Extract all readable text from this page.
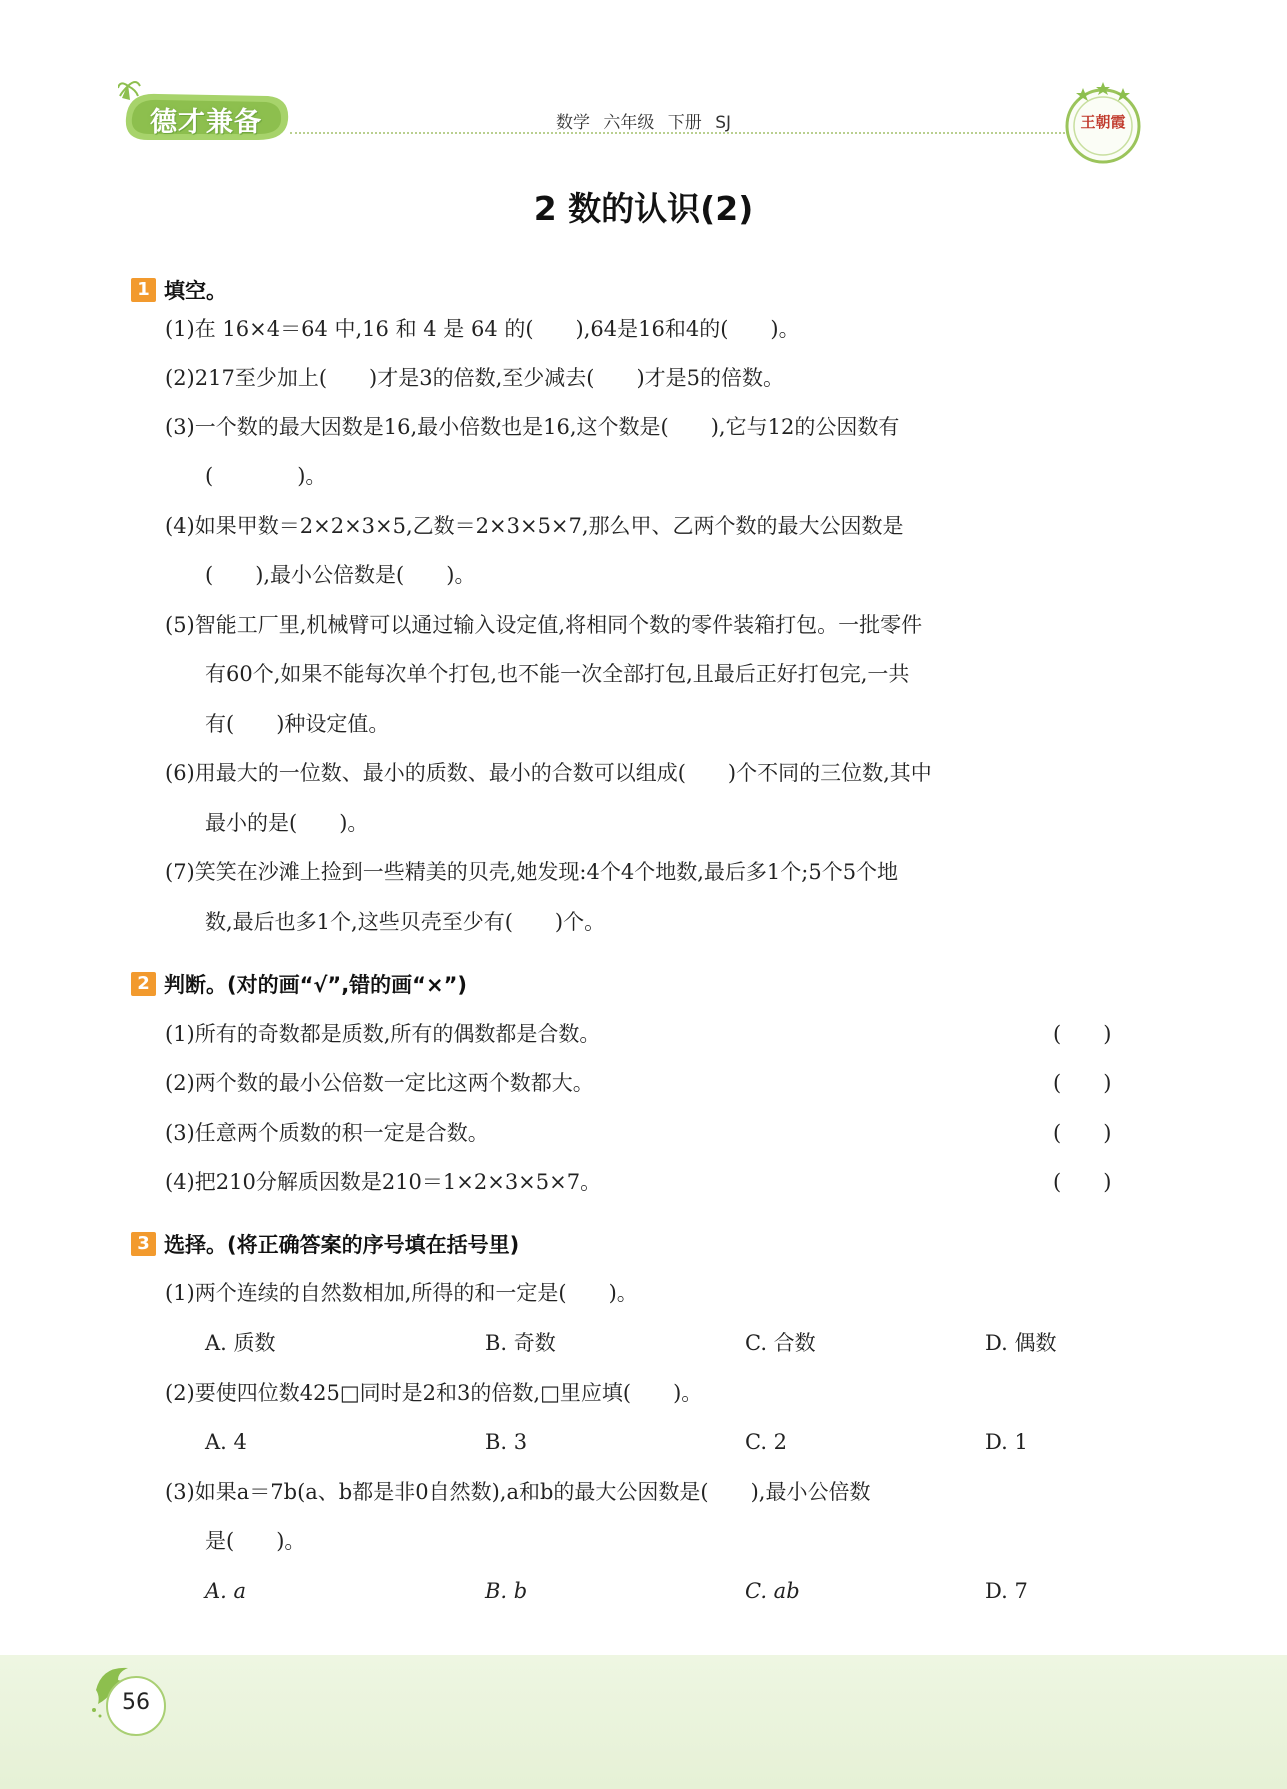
德才兼备	数学 六年级 下册 SJ	王朝霞
2 数的认识(2)
1 填空。
(1)在 16×4＝64 中,16 和 4 是 64 的(　　),64是16和4的(　　)。
(2)217至少加上(　　)才是3的倍数,至少减去(　　)才是5的倍数。
(3)一个数的最大因数是16,最小倍数也是16,这个数是(　　),它与12的公因数有
(　　　　)。
(4)如果甲数＝2×2×3×5,乙数＝2×3×5×7,那么甲、乙两个数的最大公因数是
(　　),最小公倍数是(　　)。
(5)智能工厂里,机械臂可以通过输入设定值,将相同个数的零件装箱打包。一批零件
有60个,如果不能每次单个打包,也不能一次全部打包,且最后正好打包完,一共
有(　　)种设定值。
(6)用最大的一位数、最小的质数、最小的合数可以组成(　　)个不同的三位数,其中
最小的是(　　)。
(7)笑笑在沙滩上捡到一些精美的贝壳,她发现:4个4个地数,最后多1个;5个5个地
数,最后也多1个,这些贝壳至少有(　　)个。
2 判断。(对的画“√”,错的画“×”)
(1)所有的奇数都是质数,所有的偶数都是合数。	(　　)
(2)两个数的最小公倍数一定比这两个数都大。	(　　)
(3)任意两个质数的积一定是合数。	(　　)
(4)把210分解质因数是210＝1×2×3×5×7。	(　　)
3 选择。(将正确答案的序号填在括号里)
(1)两个连续的自然数相加,所得的和一定是(　　)。
A. 质数	B. 奇数	C. 合数	D. 偶数
(2)要使四位数425□同时是2和3的倍数,□里应填(　　)。
A. 4	B. 3	C. 2	D. 1
(3)如果a＝7b(a、b都是非0自然数),a和b的最大公因数是(　　),最小公倍数
是(　　)。
A. a	B. b	C. ab	D. 7
56
